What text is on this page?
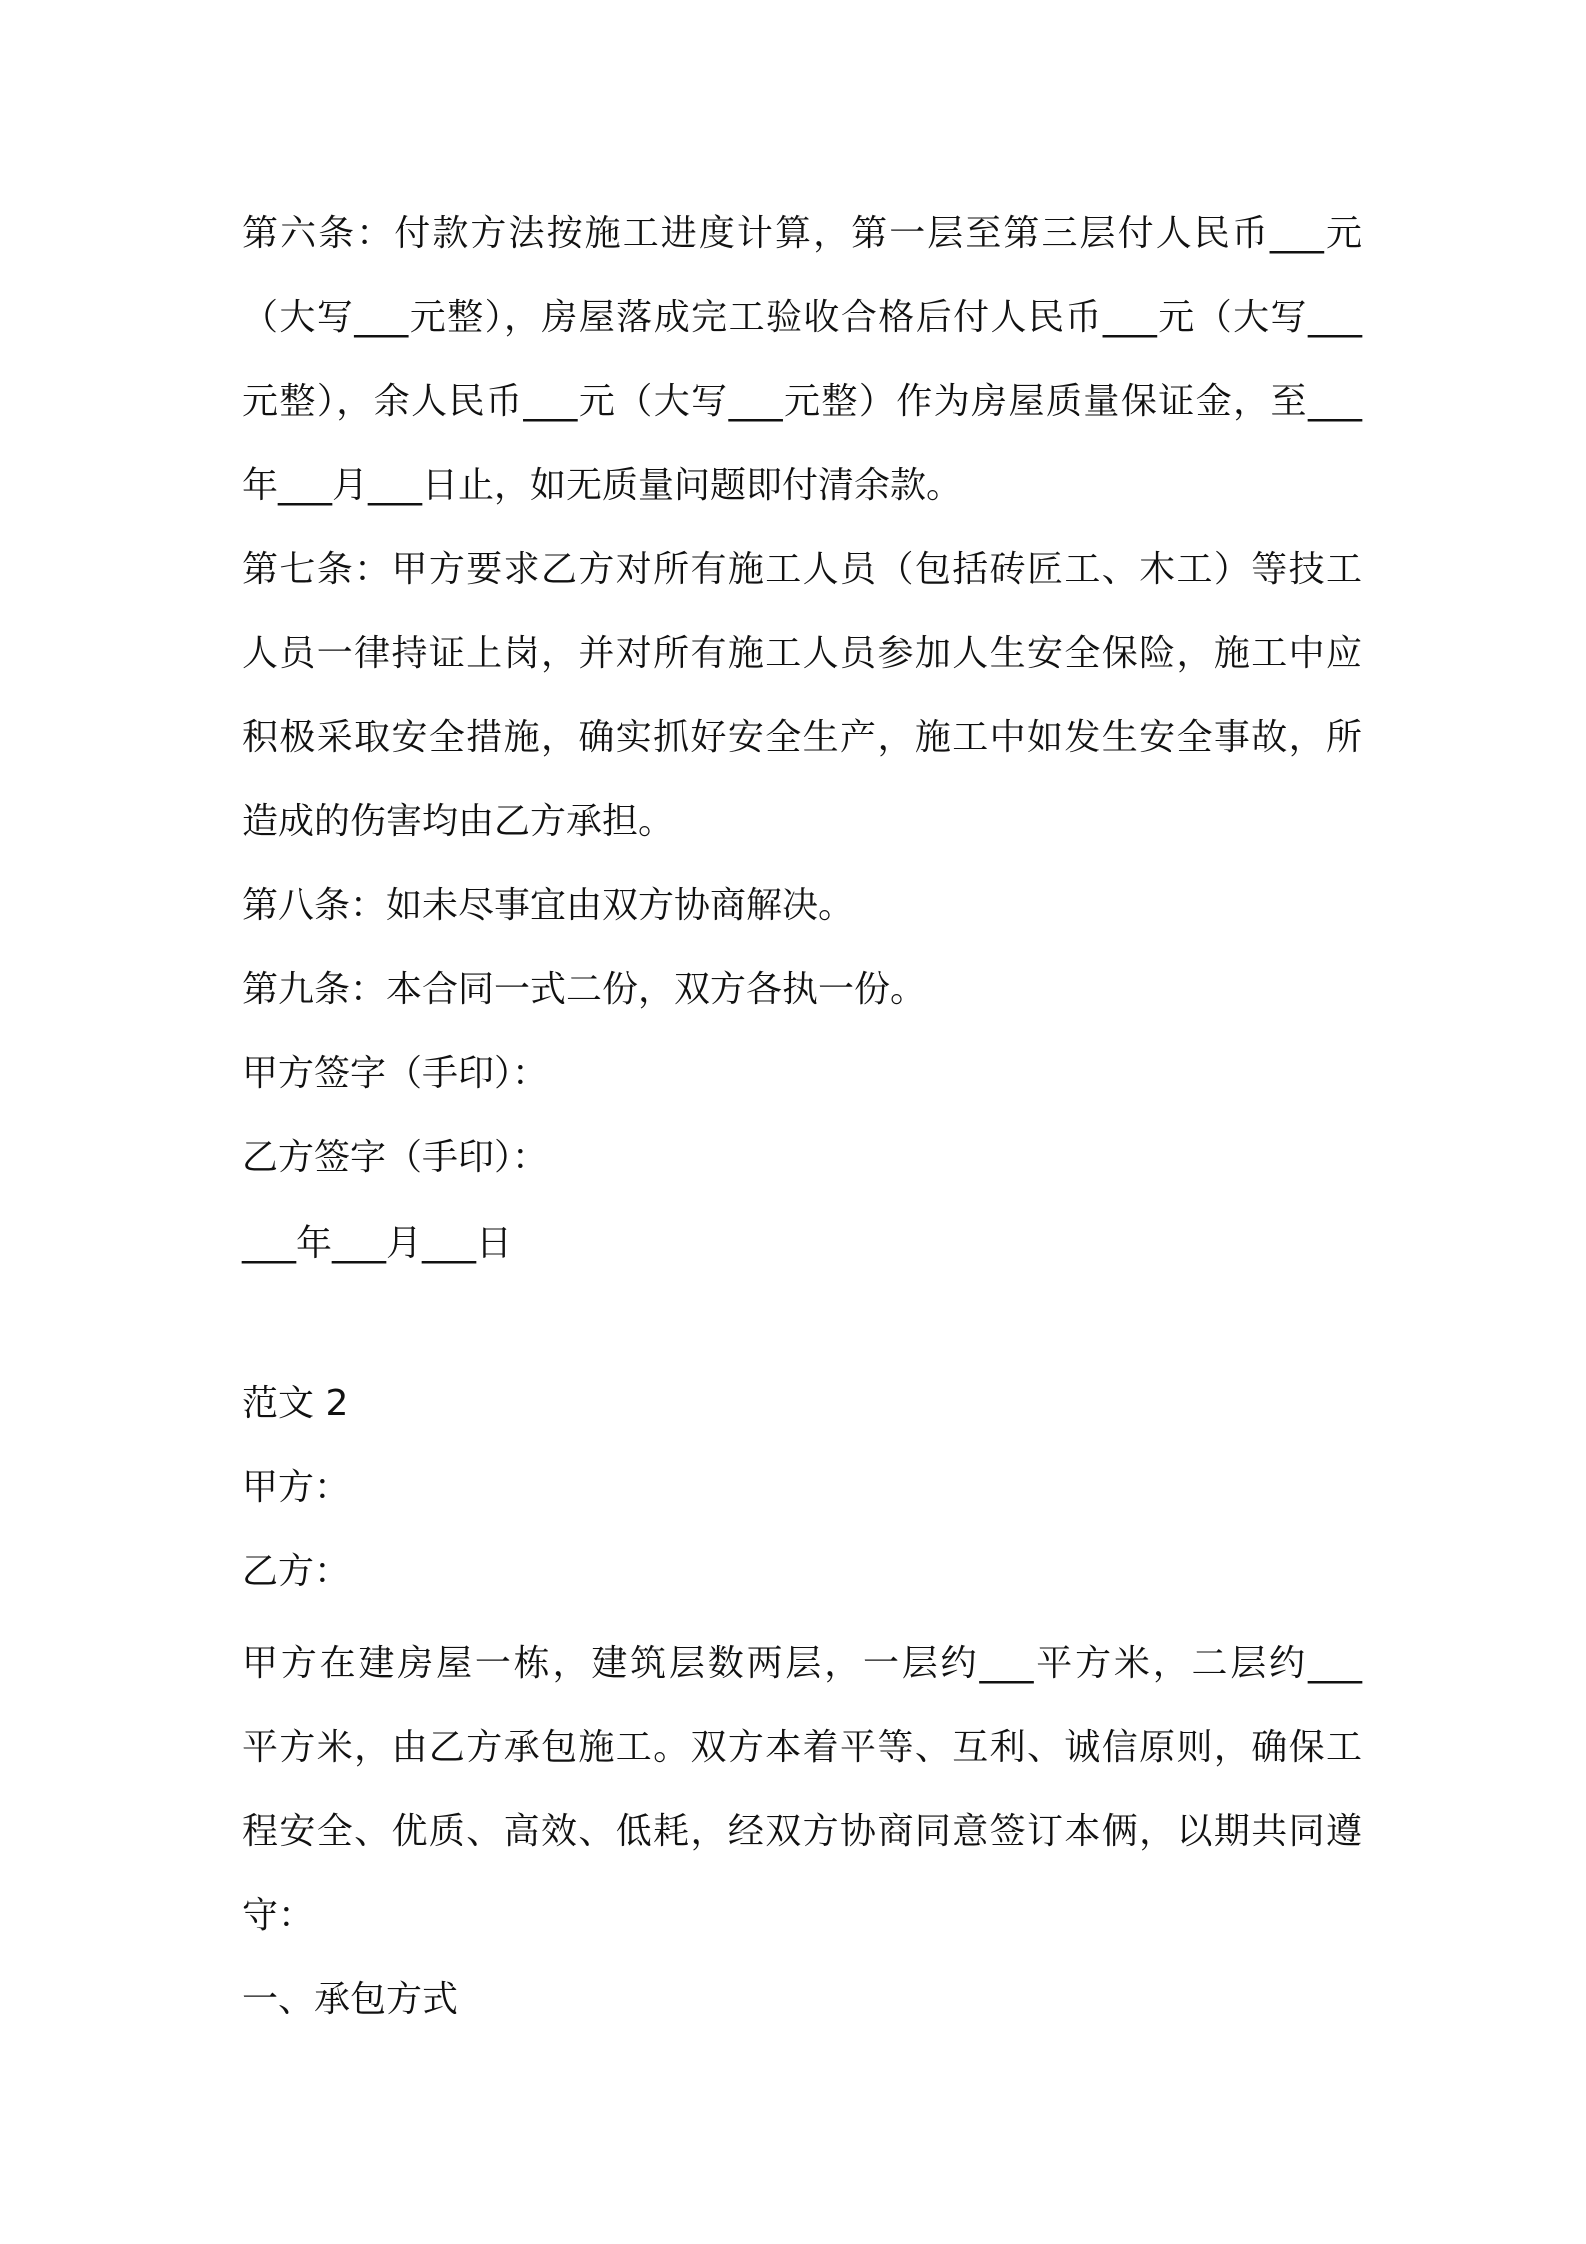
第六条：付款方法按施工进度计算，第一层至第三层付人民币___元
（大写___元整），房屋落成完工验收合格后付人民币___元（大写___
元整），余人民币___元（大写___元整）作为房屋质量保证金，至___
年___月___日止，如无质量问题即付清余款。
第七条：甲方要求乙方对所有施工人员（包括砖匠工、木工）等技工
人员一律持证上岗，并对所有施工人员参加人生安全保险，施工中应
积极采取安全措施，确实抓好安全生产，施工中如发生安全事故，所
造成的伤害均由乙方承担。
第八条：如未尽事宜由双方协商解决。
第九条：本合同一式二份，双方各执一份。
甲方签字（手印）：
乙方签字（手印）：
___年___月___日
范文 2
甲方：
乙方：
甲方在建房屋一栋，建筑层数两层，一层约___平方米，二层约___
平方米，由乙方承包施工。双方本着平等、互利、诚信原则，确保工
程安全、优质、高效、低耗，经双方协商同意签订本俩，以期共同遵
守：
一、承包方式
